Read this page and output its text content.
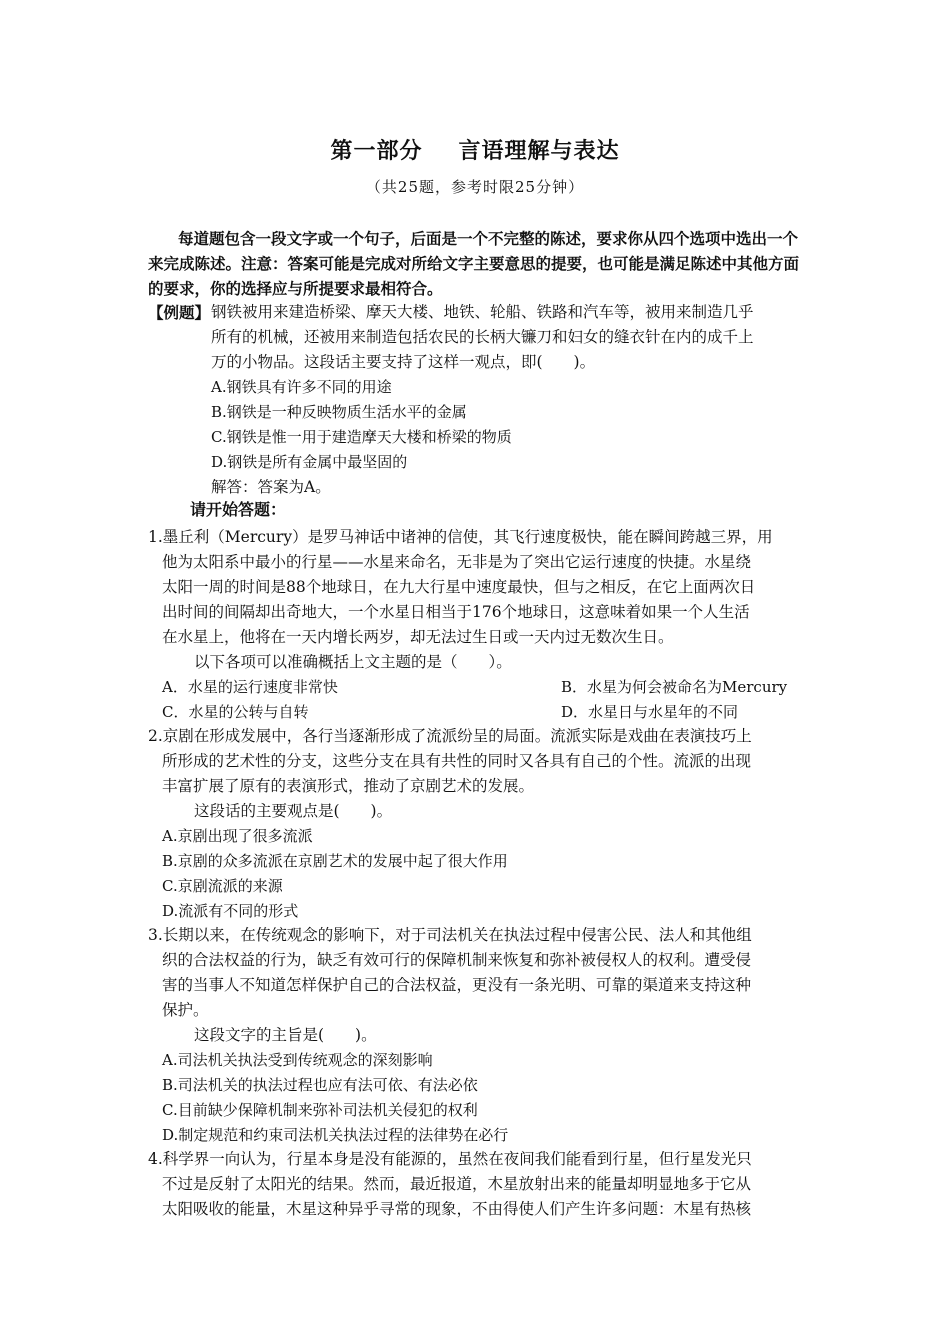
第一部分 言语理解与表达
（共25题，参考时限25分钟）
每道题包含一段文字或一个句子，后面是一个不完整的陈述，要求你从四个选项中选出一个来完成陈述。注意：答案可能是完成对所给文字主要意思的提要，也可能是满足陈述中其他方面的要求，你的选择应与所提要求最相符合。
【例题】 钢铁被用来建造桥梁、摩天大楼、地铁、轮船、铁路和汽车等，被用来制造几乎
所有的机械，还被用来制造包括农民的长柄大镰刀和妇女的缝衣针在内的成千上
万的小物品。这段话主要支持了这样一观点，即(　　)。
A.钢铁具有许多不同的用途
B.钢铁是一种反映物质生活水平的金属
C.钢铁是惟一用于建造摩天大楼和桥梁的物质
D.钢铁是所有金属中最坚固的
解答：答案为A。
请开始答题：
1.墨丘利（Mercury）是罗马神话中诸神的信使，其飞行速度极快，能在瞬间跨越三界，用
他为太阳系中最小的行星——水星来命名，无非是为了突出它运行速度的快捷。水星绕
太阳一周的时间是88个地球日，在九大行星中速度最快，但与之相反，在它上面两次日
出时间的间隔却出奇地大，一个水星日相当于176个地球日，这意味着如果一个人生活
在水星上，他将在一天内增长两岁，却无法过生日或一天内过无数次生日。
以下各项可以准确概括上文主题的是（　　）。
A．水星的运行速度非常快	B．水星为何会被命名为Mercury
C．水星的公转与自转	D．水星日与水星年的不同
2.京剧在形成发展中，各行当逐渐形成了流派纷呈的局面。流派实际是戏曲在表演技巧上
所形成的艺术性的分支，这些分支在具有共性的同时又各具有自己的个性。流派的出现
丰富扩展了原有的表演形式，推动了京剧艺术的发展。
这段话的主要观点是(　　)。
A.京剧出现了很多流派
B.京剧的众多流派在京剧艺术的发展中起了很大作用
C.京剧流派的来源
D.流派有不同的形式
3.长期以来，在传统观念的影响下，对于司法机关在执法过程中侵害公民、法人和其他组
织的合法权益的行为，缺乏有效可行的保障机制来恢复和弥补被侵权人的权利。遭受侵
害的当事人不知道怎样保护自己的合法权益，更没有一条光明、可靠的渠道来支持这种
保护。
这段文字的主旨是(　　)。
A.司法机关执法受到传统观念的深刻影响
B.司法机关的执法过程也应有法可依、有法必依
C.目前缺少保障机制来弥补司法机关侵犯的权利
D.制定规范和约束司法机关执法过程的法律势在必行
4.科学界一向认为，行星本身是没有能源的，虽然在夜间我们能看到行星，但行星发光只
不过是反射了太阳光的结果。然而，最近报道，木星放射出来的能量却明显地多于它从
太阳吸收的能量，木星这种异乎寻常的现象，不由得使人们产生许多问题：木星有热核
